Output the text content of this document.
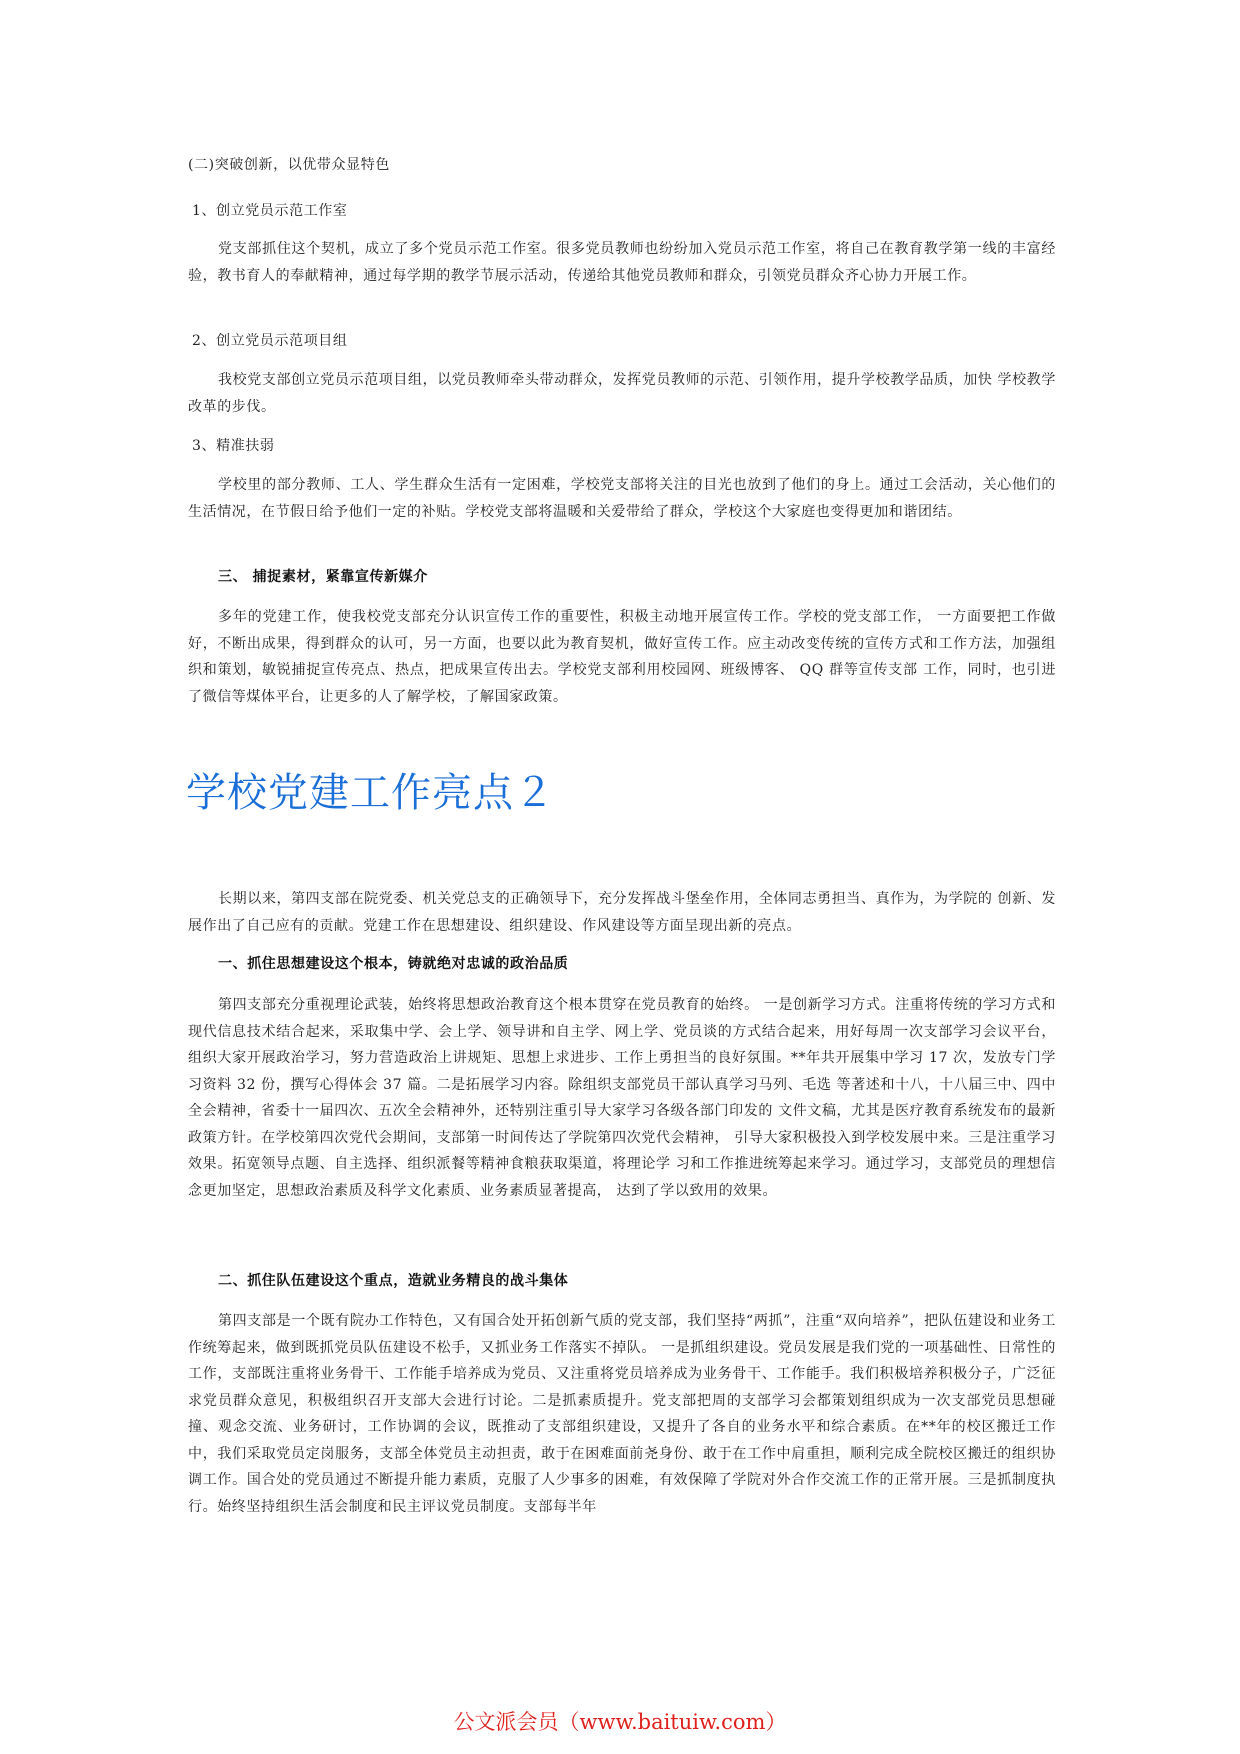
(二)突破创新，以优带众显特色

1、创立党员示范工作室

党支部抓住这个契机，成立了多个党员示范工作室。很多党员教师也纷纷加入党员示范工作室，将自己在教育教学第一线的丰富经验，教书育人的奉献精神，通过每学期的教学节展示活动，传递给其他党员教师和群众，引领党员群众齐心协力开展工作。

2、创立党员示范项目组

我校党支部创立党员示范项目组，以党员教师牵头带动群众，发挥党员教师的示范、引领作用，提升学校教学品质，加快 学校教学改革的步伐。

3、精准扶弱

学校里的部分教师、工人、学生群众生活有一定困难，学校党支部将关注的目光也放到了他们的身上。通过工会活动，关心他们的生活情况，在节假日给予他们一定的补贴。学校党支部将温暖和关爱带给了群众，学校这个大家庭也变得更加和谐团结。

三、 捕捉素材，紧靠宣传新媒介

多年的党建工作，使我校党支部充分认识宣传工作的重要性，积极主动地开展宣传工作。学校的党支部工作， 一方面要把工作做好，不断出成果，得到群众的认可，另一方面，也要以此为教育契机，做好宣传工作。应主动改变传统的宣传方式和工作方法，加强组织和策划，敏锐捕捉宣传亮点、热点，把成果宣传出去。学校党支部利用校园网、班级博客、 QQ 群等宣传支部 工作，同时，也引进了微信等煤体平台，让更多的人了解学校，了解国家政策。

学校党建工作亮点２

长期以来，第四支部在院党委、机关党总支的正确领导下，充分发挥战斗堡垒作用，全体同志勇担当、真作为，为学院的 创新、发展作出了自己应有的贡献。党建工作在思想建设、组织建设、作风建设等方面呈现出新的亮点。

一、抓住思想建设这个根本，铸就绝对忠诚的政治品质

第四支部充分重视理论武装，始终将思想政治教育这个根本贯穿在党员教育的始终。 一是创新学习方式。注重将传统的学习方式和现代信息技术结合起来，采取集中学、会上学、领导讲和自主学、网上学、党员谈的方式结合起来，用好每周一次支部学习会议平台，组织大家开展政治学习，努力营造政治上讲规矩、思想上求进步、工作上勇担当的良好氛围。**年共开展集中学习 17 次，发放专门学习资料 32 份，撰写心得体会 37 篇。二是拓展学习内容。除组织支部党员干部认真学习马列、毛选 等著述和十八，十八届三中、四中全会精神，省委十一届四次、五次全会精神外，还特别注重引导大家学习各级各部门印发的 文件文稿，尤其是医疗教育系统发布的最新政策方针。在学校第四次党代会期间，支部第一时间传达了学院第四次党代会精神， 引导大家积极投入到学校发展中来。三是注重学习效果。拓宽领导点题、自主选择、组织派餐等精神食粮获取渠道，将理论学 习和工作推进统筹起来学习。通过学习，支部党员的理想信念更加坚定，思想政治素质及科学文化素质、业务素质显著提高， 达到了学以致用的效果。

二、抓住队伍建设这个重点，造就业务精良的战斗集体

第四支部是一个既有院办工作特色，又有国合处开拓创新气质的党支部，我们坚持“两抓”，注重“双向培养”，把队伍建设和业务工作统筹起来，做到既抓党员队伍建设不松手，又抓业务工作落实不掉队。 一是抓组织建设。党员发展是我们党的一项基础性、日常性的工作，支部既注重将业务骨干、工作能手培养成为党员、又注重将党员培养成为业务骨干、工作能手。我们积极培养积极分子，广泛征求党员群众意见，积极组织召开支部大会进行讨论。二是抓素质提升。党支部把周的支部学习会都策划组织成为一次支部党员思想碰撞、观念交流、业务研讨，工作协调的会议，既推动了支部组织建设，又提升了各自的业务水平和综合素质。在**年的校区搬迁工作中，我们采取党员定岗服务，支部全体党员主动担责，敢于在困难面前尧身份、敢于在工作中肩重担，顺利完成全院校区搬迁的组织协调工作。国合处的党员通过不断提升能力素质，克服了人少事多的困难，有效保障了学院对外合作交流工作的正常开展。三是抓制度执行。始终坚持组织生活会制度和民主评议党员制度。支部每半年

公文派会员（www.baituiw.com）
